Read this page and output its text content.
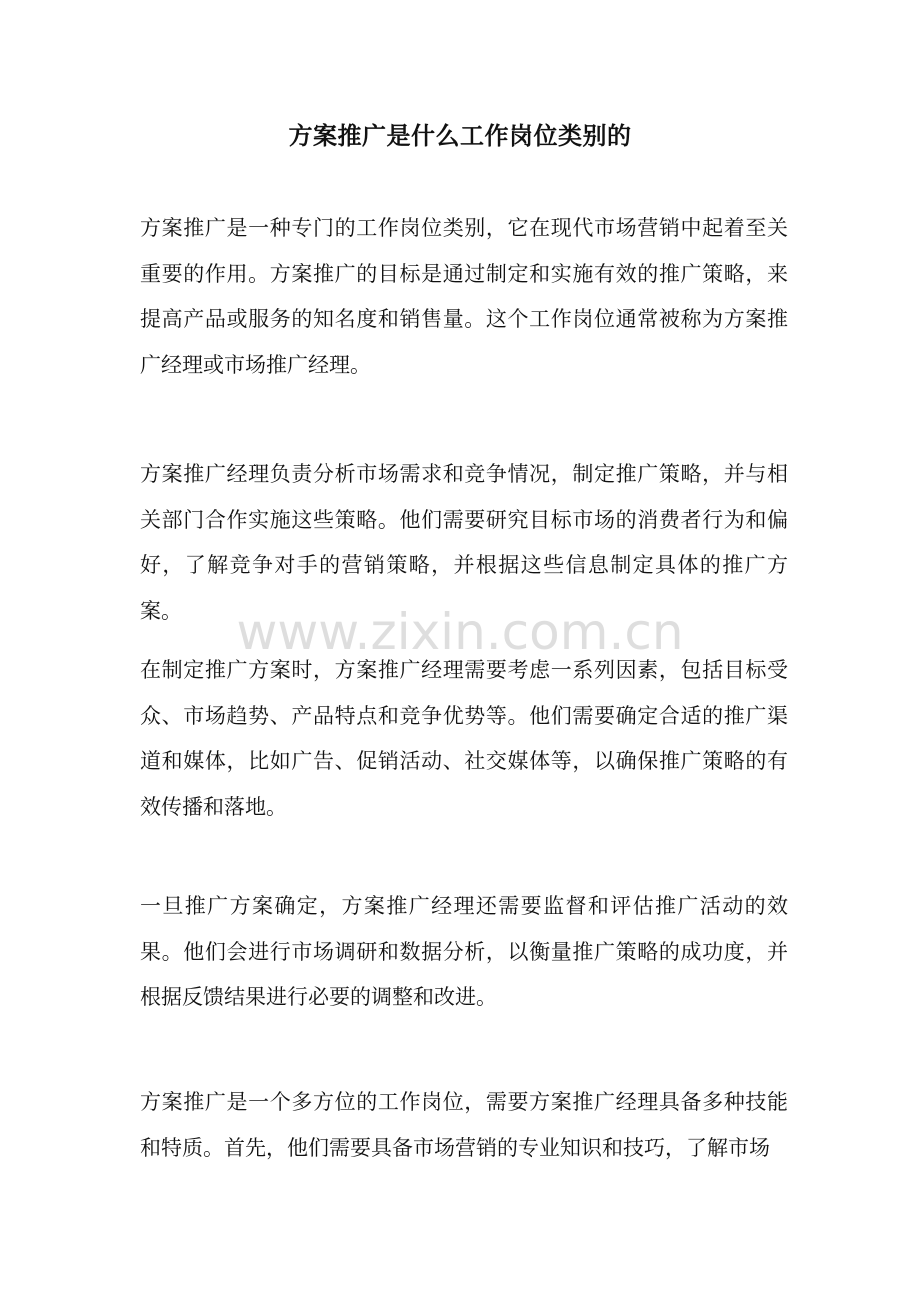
方案推广是什么工作岗位类别的

方案推广是一种专门的工作岗位类别，它在现代市场营销中起着至关重要的作用。方案推广的目标是通过制定和实施有效的推广策略，来提高产品或服务的知名度和销售量。这个工作岗位通常被称为方案推广经理或市场推广经理。

方案推广经理负责分析市场需求和竞争情况，制定推广策略，并与相关部门合作实施这些策略。他们需要研究目标市场的消费者行为和偏好，了解竞争对手的营销策略，并根据这些信息制定具体的推广方案。

在制定推广方案时，方案推广经理需要考虑一系列因素，包括目标受众、市场趋势、产品特点和竞争优势等。他们需要确定合适的推广渠道和媒体，比如广告、促销活动、社交媒体等，以确保推广策略的有效传播和落地。

一旦推广方案确定，方案推广经理还需要监督和评估推广活动的效果。他们会进行市场调研和数据分析，以衡量推广策略的成功度，并根据反馈结果进行必要的调整和改进。

方案推广是一个多方位的工作岗位，需要方案推广经理具备多种技能和特质。首先，他们需要具备市场营销的专业知识和技巧，了解市场

www.zixin.com.cn
